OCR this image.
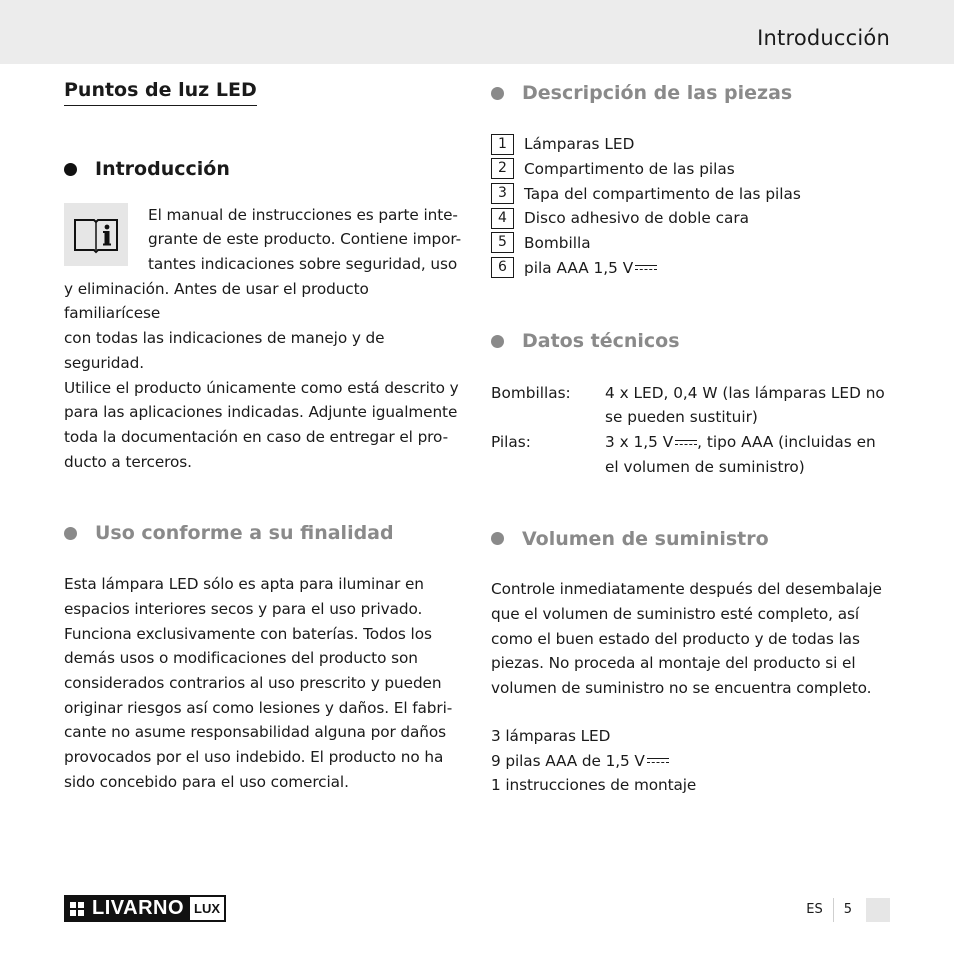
Introducción
Puntos de luz LED
Introducción

El manual de instrucciones es parte inte-
grante de este producto. Contiene impor-
tantes indicaciones sobre seguridad, uso
y eliminación. Antes de usar el producto familiarícese
con todas las indicaciones de manejo y de seguridad.
Utilice el producto únicamente como está descrito y
para las aplicaciones indicadas. Adjunte igualmente
toda la documentación en caso de entregar el pro-
ducto a terceros.

Uso conforme a su finalidad

Esta lámpara LED sólo es apta para iluminar en
espacios interiores secos y para el uso privado.
Funciona exclusivamente con baterías. Todos los
demás usos o modificaciones del producto son
considerados contrarios al uso prescrito y pueden
originar riesgos así como lesiones y daños. El fabri-
cante no asume responsabilidad alguna por daños
provocados por el uso indebido. El producto no ha
sido concebido para el uso comercial.

Descripción de las piezas
1	Lámparas LED
2	Compartimento de las pilas
3	Tapa del compartimento de las pilas
4	Disco adhesivo de doble cara
5	Bombilla
6	pila AAA 1,5 V
Datos técnicos
Bombillas:	4 x LED, 0,4 W (las lámparas LED no
se pueden sustituir)
Pilas:	3 x 1,5 V , tipo AAA (incluidas en
el volumen de suministro)
Volumen de suministro

Controle inmediatamente después del desembalaje
que el volumen de suministro esté completo, así
como el buen estado del producto y de todas las
piezas. No proceda al montaje del producto si el
volumen de suministro no se encuentra completo.

3 lámparas LED
9 pilas AAA de 1,5 V
1 instrucciones de montaje

LIVARNO LUX	ES	5
